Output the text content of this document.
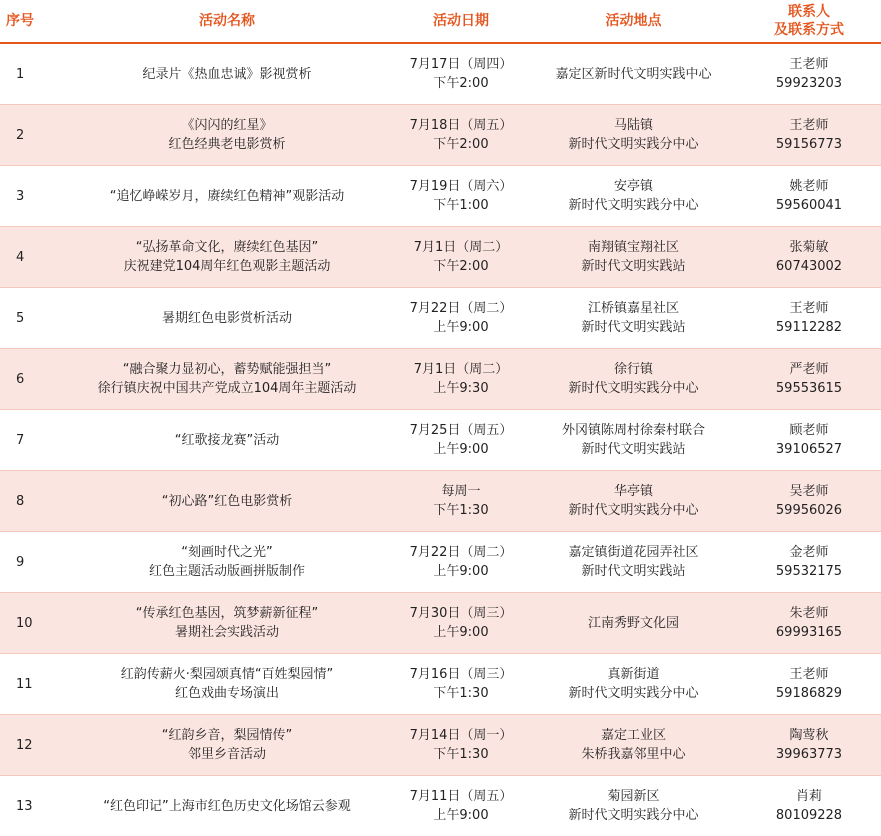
序号	活动名称	活动日期	活动地点	联系人
及联系方式

1	纪录片《热血忠诚》影视赏析	7月17日（周四）
下午2:00	嘉定区新时代文明实践中心	王老师
59923203

2	《闪闪的红星》
红色经典老电影赏析	7月18日（周五）
下午2:00	马陆镇
新时代文明实践分中心	王老师
59156773

3	“追忆峥嵘岁月，赓续红色精神”观影活动	7月19日（周六）
下午1:00	安亭镇
新时代文明实践分中心	姚老师
59560041

4	“弘扬革命文化，赓续红色基因”
庆祝建党104周年红色观影主题活动	7月1日（周二）
下午2:00	南翔镇宝翔社区
新时代文明实践站	张菊敏
60743002

5	暑期红色电影赏析活动	7月22日（周二）
上午9:00	江桥镇嘉星社区
新时代文明实践站	王老师
59112282

6	“融合聚力显初心，蓄势赋能强担当”
徐行镇庆祝中国共产党成立104周年主题活动	7月1日（周二）
上午9:30	徐行镇
新时代文明实践分中心	严老师
59553615

7	“红歌接龙赛”活动	7月25日（周五）
上午9:00	外冈镇陈周村徐秦村联合
新时代文明实践站	顾老师
39106527

8	“初心路”红色电影赏析	每周一
下午1:30	华亭镇
新时代文明实践分中心	吴老师
59956026

9	“刻画时代之光”
红色主题活动版画拼版制作	7月22日（周二）
上午9:00	嘉定镇街道花园弄社区
新时代文明实践站	金老师
59532175

10	“传承红色基因，筑梦薪新征程”
暑期社会实践活动	7月30日（周三）
上午9:00	江南秀野文化园	朱老师
69993165

11	红韵传薪火·梨园颂真情“百姓梨园情”
红色戏曲专场演出	7月16日（周三）
下午1:30	真新街道
新时代文明实践分中心	王老师
59186829

12	“红韵乡音，梨园情传”
邻里乡音活动	7月14日（周一）
下午1:30	嘉定工业区
朱桥我嘉邻里中心	陶莺秋
39963773

13	“红色印记”上海市红色历史文化场馆云参观	7月11日（周五）
上午9:00	菊园新区
新时代文明实践分中心	肖莉
80109228
